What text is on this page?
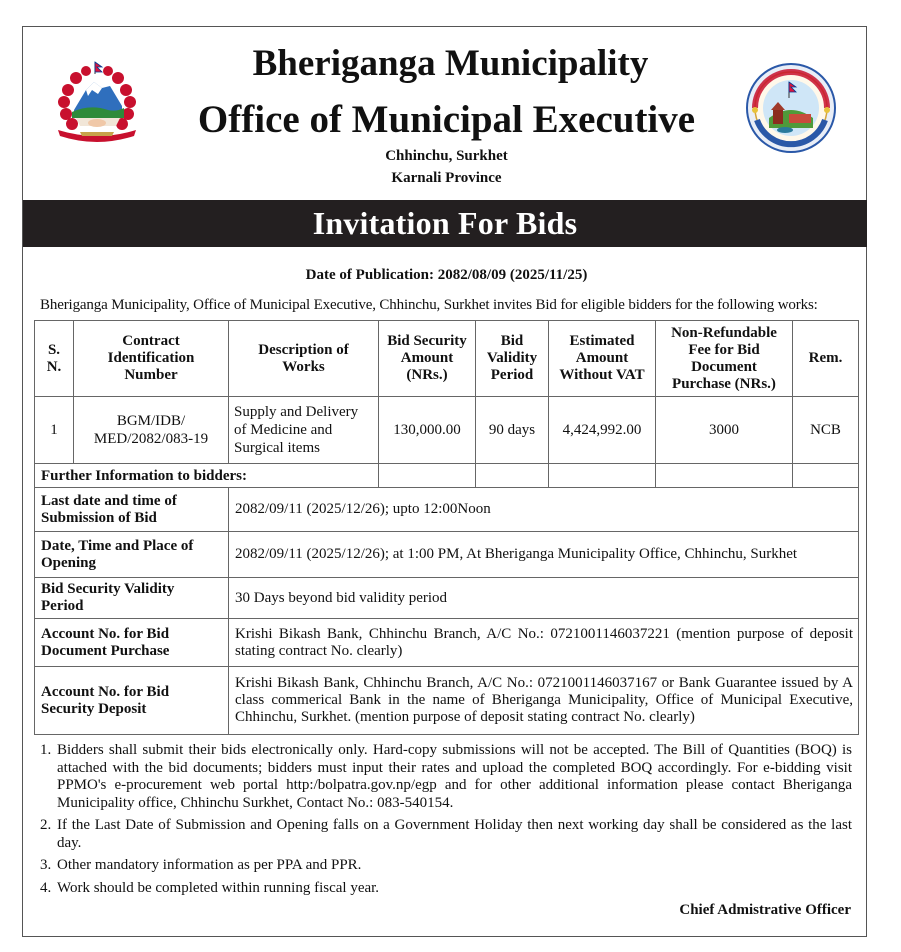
Bheriganga Municipality
Office of Municipal Executive
Chhinchu, Surkhet
Karnali Province
Invitation For Bids
Date of Publication: 2082/08/09 (2025/11/25)
Bheriganga Municipality, Office of Municipal Executive, Chhinchu, Surkhet invites Bid for eligible bidders for the following works:
S.
N.	Contract
Identification
Number	Description of
Works	Bid Security
Amount
(NRs.)	Bid
Validity
Period	Estimated
Amount
Without VAT	Non-Refundable
Fee for Bid
Document
Purchase (NRs.)	Rem.
1	BGM/IDB/
MED/2082/083-19	Supply and Delivery
of Medicine and
Surgical items	130,000.00	90 days	4,424,992.00	3000	NCB
Further Information to bidders:							
Last date and time of
Submission of Bid		2082/09/11 (2025/12/26); upto 12:00Noon					
Date, Time and Place of
Opening		2082/09/11 (2025/12/26); at 1:00 PM, At Bheriganga Municipality Office, Chhinchu, Surkhet					
Bid Security Validity
Period		30 Days beyond bid validity period					
Account No. for Bid
Document Purchase		Krishi Bikash Bank, Chhinchu Branch, A/C No.: 0721001146037221 (mention purpose of deposit stating contract No. clearly)					
Account No. for Bid
Security Deposit		Krishi Bikash Bank, Chhinchu Branch, A/C No.: 0721001146037167 or Bank Guarantee issued by A class commerical Bank in the name of Bheriganga Municipality, Office of Municipal Executive, Chhinchu, Surkhet. (mention purpose of deposit stating contract No. clearly)					
1. Bidders shall submit their bids electronically only. Hard-copy submissions will not be accepted. The Bill of Quantities (BOQ) is attached with the bid documents; bidders must input their rates and upload the completed BOQ accordingly. For e-bidding visit PPMO's e-procurement web portal http:/bolpatra.gov.np/egp and for other additional information please contact Bheriganga Municipality office, Chhinchu Surkhet, Contact No.: 083-540154.
2. If the Last Date of Submission and Opening falls on a Government Holiday then next working day shall be considered as the last day.
3. Other mandatory information as per PPA and PPR.
4. Work should be completed within running fiscal year.
Chief Admistrative Officer
